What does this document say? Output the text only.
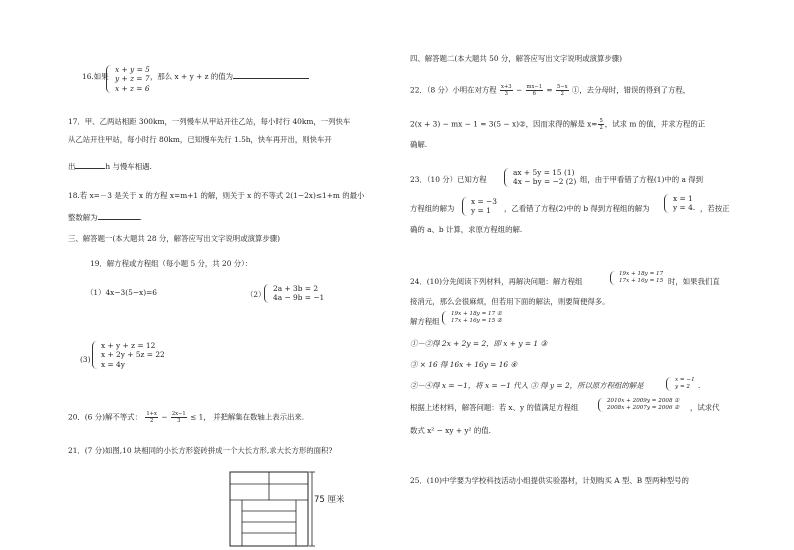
16.如果
x + y = 5
y + z = 7
x + z = 6
，那么 x + y + z 的值为
17．甲、乙两站相距 300km，一列慢车从甲站开往乙站，每小时行 40km，一列快车
从乙站开往甲站，每小时行 80km，已知慢车先行 1.5h，快车再开出，则快车开
出	h 与慢车相遇.
18.若 x=－3 是关于 x 的方程 x=m+1 的解，则关于 x 的不等式 2(1−2x)≤1+m 的最小
整数解为	.
三、解答题一(本大题共 28 分，解答应写出文字说明或演算步骤)
19．解方程或方程组（每小题 5 分，共 20 分）：
（1）4x−3(5−x)=6	（2）
2a + 3b = 2
4a − 9b = −1
(3)
x + y + z = 12
x + 2y + 5z = 22
x = 4y
20．(6 分)解不等式： $\frac{1+x}{2} - \frac{2x-1}{3} \le 1$， 并把解集在数轴上表示出来.
21．(7 分)如图,10 块相同的小长方形瓷砖拼成一个大长方形,求大长方形的面积?
75 厘米
四、解答题二(本大题共 50 分，解答应写出文字说明或演算步骤)
22．（8 分）小明在对方程 $\frac{x+3}{3} - \frac{mx-1}{6} = \frac{5-x}{2}$ ①，去分母时，错误的得到了方程，
2(x + 3) − mx − 1 = 3(5 − x)②，因而求得的解是 $x= \frac{5}{2}$ ，试求 m 的值，并求方程的正
确解.
23．（10 分）已知方程
ax + 5y = 15 (1)
4x − by = −2 (2) 组，由于甲看错了方程(1)中的 a 得到
方程组的解为
x = −3
y = 1	，乙看错了方程(2)中的 b 得到方程组的解为
x = 1
y = 4. ，若按正
确的 a、b 计算，求原方程组的解.
24．(10)分先阅读下列材料，再解决问题：解方程组
19x + 18y = 17
17x + 16y = 15 时，如果我们直
接消元，那么会很麻烦，但若用下面的解法，则要简便得多。
解方程组
19x + 18y = 17 ①
17x + 16y = 15 ②
①－②得 2x + 2y = 2，即 x + y = 1 ③
③ × 16 得 16x + 16y = 16 ④
②－④得 x = −1，将 x = −1 代入 ③ 得 y = 2，所以原方程组的解是
x = −1
y = 2	.
根据上述材料，解答问题：若 x、y 的值满足方程组
2010x + 2009y = 2008 ①
2008x + 2007y = 2006 ② ，试求代
数式 x² − xy + y² 的值.
25．(10)中学要为学校科技活动小组提供实验器材，计划购买 A 型、B 型两种型号的
